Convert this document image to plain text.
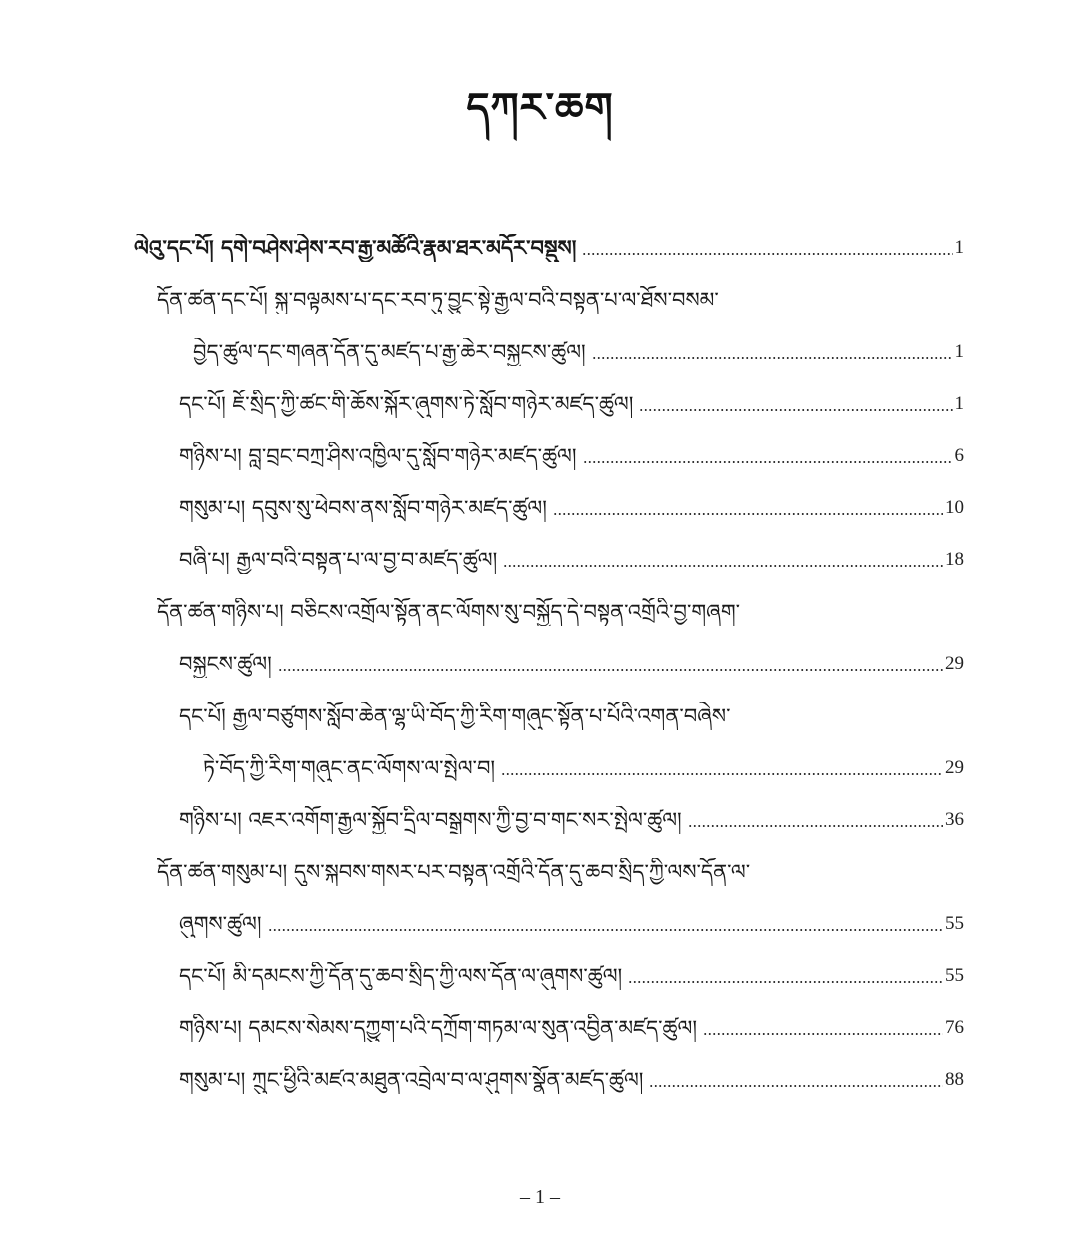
དཀར་ཆག
ལེའུ་དང་པོ། དགེ་བཤེས་ཤེས་རབ་རྒྱ་མཚོའི་རྣམ་ཐར་མདོར་བསྡུས།	1
དོན་ཚན་དང་པོ། སྐུ་བལྟམས་པ་དང་རབ་ཏུ་བྱུང་སྟེ་རྒྱལ་བའི་བསྟན་པ་ལ་ཐོས་བསམ་
བྱེད་ཚུལ་དང་གཞན་དོན་དུ་མཛད་པ་རྒྱ་ཆེར་བསྐྱངས་ཚུལ།	1
དང་པོ། ཇོ་སྲིད་ཀྱི་ཚང་གི་ཆོས་སྐོར་ཞུགས་ཏེ་སློབ་གཉེར་མཛད་ཚུལ།	1
གཉིས་པ། བླ་བྲང་བཀྲ་ཤིས་འཁྱིལ་དུ་སློབ་གཉེར་མཛད་ཚུལ།	6
གསུམ་པ། དབུས་སུ་ཕེབས་ནས་སློབ་གཉེར་མཛད་ཚུལ།	10
བཞི་པ། རྒྱལ་བའི་བསྟན་པ་ལ་བྱ་བ་མཛད་ཚུལ།	18
དོན་ཚན་གཉིས་པ། བཅིངས་འགྲོལ་སྟོན་ནང་ལོགས་སུ་བསྐྱོད་དེ་བསྟན་འགྲོའི་བྱ་གཞག་
བསྐྱངས་ཚུལ།	29
དང་པོ། རྒྱལ་བཙུགས་སློབ་ཆེན་ལྷ་ཡི་བོད་ཀྱི་རིག་གཞུང་སྟོན་པ་པོའི་འགན་བཞེས་
ཏེ་བོད་ཀྱི་རིག་གཞུང་ནང་ལོགས་ལ་སྤེལ་བ།	29
གཉིས་པ། འཇར་འགོག་རྒྱལ་སྐྱོབ་དྲིལ་བསྒྲགས་ཀྱི་བྱ་བ་གང་སར་སྤེལ་ཚུལ།	36
དོན་ཚན་གསུམ་པ། དུས་སྐབས་གསར་པར་བསྟན་འགྲོའི་དོན་དུ་ཆབ་སྲིད་ཀྱི་ལས་དོན་ལ་
ཞུགས་ཚུལ།	55
དང་པོ། མི་དམངས་ཀྱི་དོན་དུ་ཆབ་སྲིད་ཀྱི་ལས་དོན་ལ་ཞུགས་ཚུལ།	55
གཉིས་པ། དམངས་སེམས་དཀྱུག་པའི་དཀྲོག་གཏམ་ལ་སུན་འབྱིན་མཛད་ཚུལ།	76
གསུམ་པ། ཀྲུང་ཕྱིའི་མཛའ་མཐུན་འབྲེལ་བ་ལ་ཤུགས་སྣོན་མཛད་ཚུལ།	88
– 1 –
